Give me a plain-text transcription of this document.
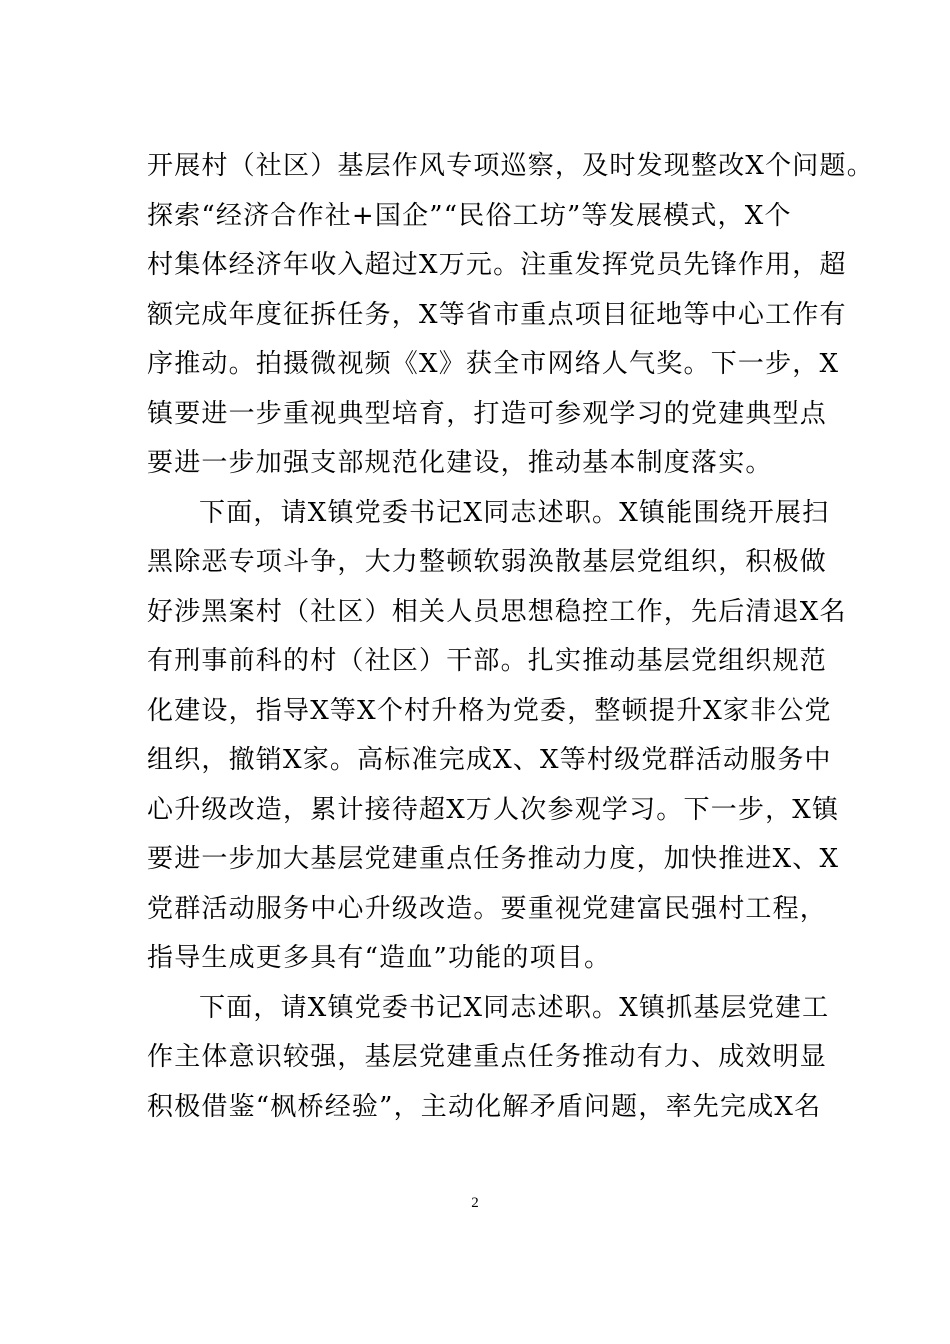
开展村（社区）基层作风专项巡察，及时发现整改X个问题。
探索“经济合作社+国企”“民俗工坊”等发展模式，X个
村集体经济年收入超过X万元。注重发挥党员先锋作用，超
额完成年度征拆任务，X等省市重点项目征地等中心工作有
序推动。拍摄微视频《X》获全市网络人气奖。下一步，X
镇要进一步重视典型培育，打造可参观学习的党建典型点
要进一步加强支部规范化建设，推动基本制度落实。
下面，请X镇党委书记X同志述职。X镇能围绕开展扫
黑除恶专项斗争，大力整顿软弱涣散基层党组织，积极做
好涉黑案村（社区）相关人员思想稳控工作，先后清退X名
有刑事前科的村（社区）干部。扎实推动基层党组织规范
化建设，指导X等X个村升格为党委，整顿提升X家非公党
组织，撤销X家。高标准完成X、X等村级党群活动服务中
心升级改造，累计接待超X万人次参观学习。下一步，X镇
要进一步加大基层党建重点任务推动力度，加快推进X、X
党群活动服务中心升级改造。要重视党建富民强村工程，
指导生成更多具有“造血”功能的项目。
下面，请X镇党委书记X同志述职。X镇抓基层党建工
作主体意识较强，基层党建重点任务推动有力、成效明显
积极借鉴“枫桥经验”，主动化解矛盾问题，率先完成X名
2
